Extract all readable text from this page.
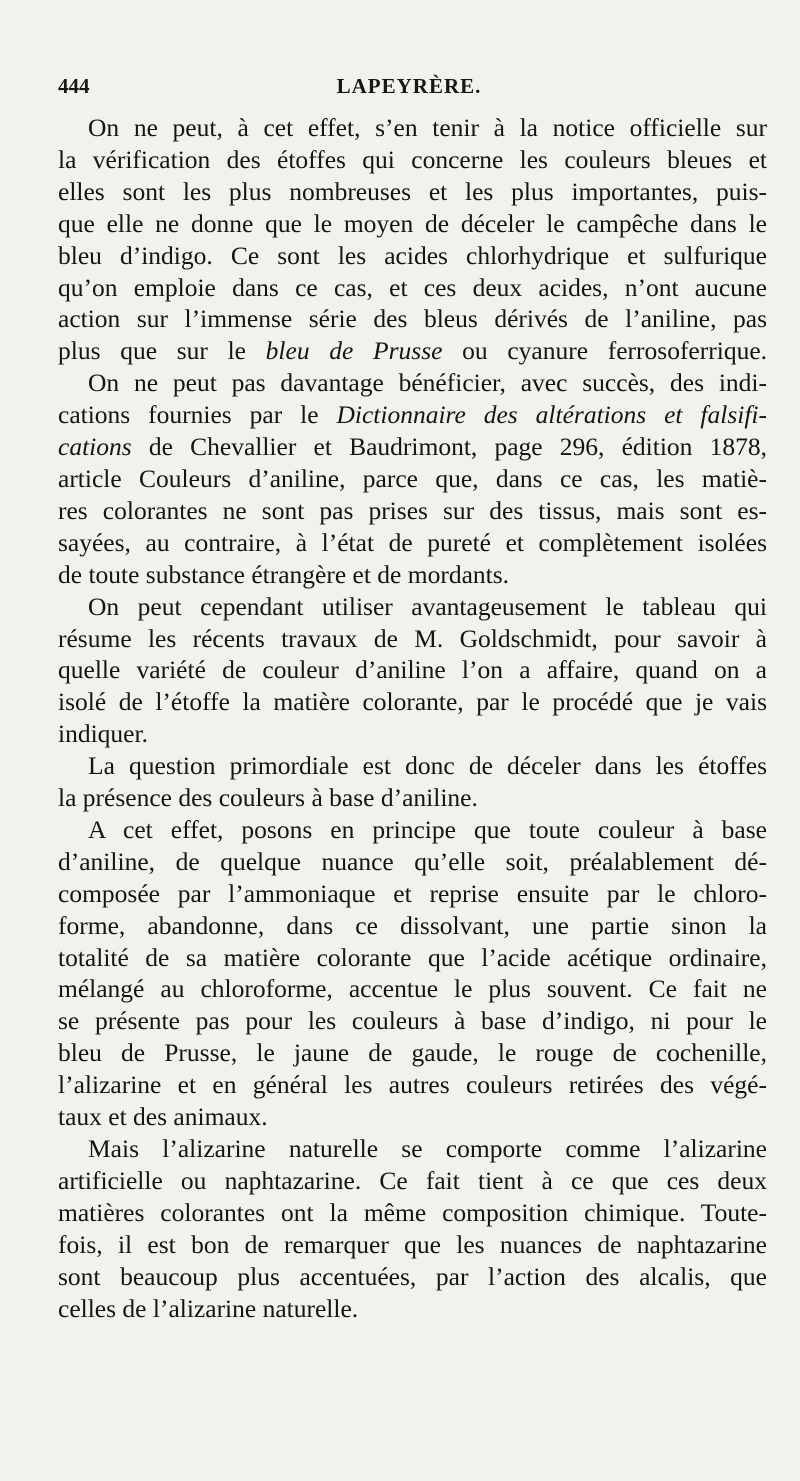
444	LAPEYRÈRE.

On ne peut, à cet effet, s’en tenir à la notice officielle sur
la vérification des étoffes qui concerne les couleurs bleues et
elles sont les plus nombreuses et les plus importantes, puis-
que elle ne donne que le moyen de déceler le campêche dans le
bleu d’indigo. Ce sont les acides chlorhydrique et sulfurique
qu’on emploie dans ce cas, et ces deux acides, n’ont aucune
action sur l’immense série des bleus dérivés de l’aniline, pas
plus que sur le bleu de Prusse ou cyanure ferrosoferrique.

On ne peut pas davantage bénéficier, avec succès, des indi-
cations fournies par le Dictionnaire des altérations et falsifi-
cations de Chevallier et Baudrimont, page 296, édition 1878,
article Couleurs d’aniline, parce que, dans ce cas, les matiè-
res colorantes ne sont pas prises sur des tissus, mais sont es-
sayées, au contraire, à l’état de pureté et complètement isolées
de toute substance étrangère et de mordants.

On peut cependant utiliser avantageusement le tableau qui
résume les récents travaux de M. Goldschmidt, pour savoir à
quelle variété de couleur d’aniline l’on a affaire, quand on a
isolé de l’étoffe la matière colorante, par le procédé que je vais
indiquer.

La question primordiale est donc de déceler dans les étoffes
la présence des couleurs à base d’aniline.

A cet effet, posons en principe que toute couleur à base
d’aniline, de quelque nuance qu’elle soit, préalablement dé-
composée par l’ammoniaque et reprise ensuite par le chloro-
forme, abandonne, dans ce dissolvant, une partie sinon la
totalité de sa matière colorante que l’acide acétique ordinaire,
mélangé au chloroforme, accentue le plus souvent. Ce fait ne
se présente pas pour les couleurs à base d’indigo, ni pour le
bleu de Prusse, le jaune de gaude, le rouge de cochenille,
l’alizarine et en général les autres couleurs retirées des végé-
taux et des animaux.

Mais l’alizarine naturelle se comporte comme l’alizarine
artificielle ou naphtazarine. Ce fait tient à ce que ces deux
matières colorantes ont la même composition chimique. Toute-
fois, il est bon de remarquer que les nuances de naphtazarine
sont beaucoup plus accentuées, par l’action des alcalis, que
celles de l’alizarine naturelle.
